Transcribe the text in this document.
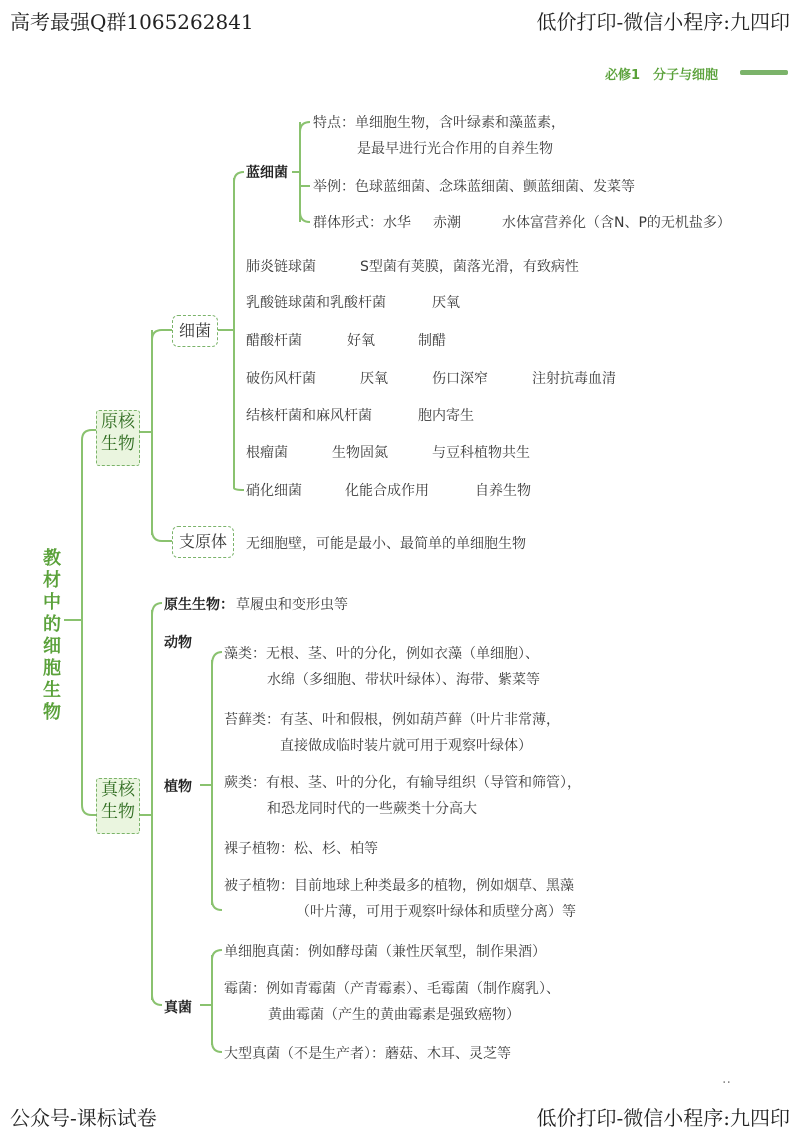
高考最强Q群1065262841	低价打印-微信小程序:九四印
必修1　分子与细胞
教材中的细胞生物
原核
生物
细菌
蓝细菌
特点：单细胞生物，含叶绿素和藻蓝素，
是最早进行光合作用的自养生物
举例：色球蓝细菌、念珠蓝细菌、颤蓝细菌、发菜等
群体形式：水华 赤潮	水体富营养化（含N、P的无机盐多）
肺炎链球菌	S型菌有荚膜，菌落光滑，有致病性
乳酸链球菌和乳酸杆菌	厌氧
醋酸杆菌	好氧	制醋
破伤风杆菌	厌氧	伤口深窄	注射抗毒血清
结核杆菌和麻风杆菌	胞内寄生
根瘤菌	生物固氮	与豆科植物共生
硝化细菌	化能合成作用	自养生物
支原体	无细胞壁，可能是最小、最简单的单细胞生物
真核
生物
原生生物： 草履虫和变形虫等
动物
植物
藻类：无根、茎、叶的分化，例如衣藻（单细胞）、
水绵（多细胞、带状叶绿体）、海带、紫菜等
苔藓类：有茎、叶和假根，例如葫芦藓（叶片非常薄，
直接做成临时装片就可用于观察叶绿体）
蕨类：有根、茎、叶的分化，有输导组织（导管和筛管），
和恐龙同时代的一些蕨类十分高大
裸子植物：松、杉、柏等
被子植物：目前地球上种类最多的植物，例如烟草、黑藻
（叶片薄，可用于观察叶绿体和质壁分离）等
真菌
单细胞真菌：例如酵母菌（兼性厌氧型，制作果酒）
霉菌：例如青霉菌（产青霉素）、毛霉菌（制作腐乳）、
黄曲霉菌（产生的黄曲霉素是强致癌物）
大型真菌（不是生产者）：蘑菇、木耳、灵芝等
··
公众号-课标试卷	低价打印-微信小程序:九四印
